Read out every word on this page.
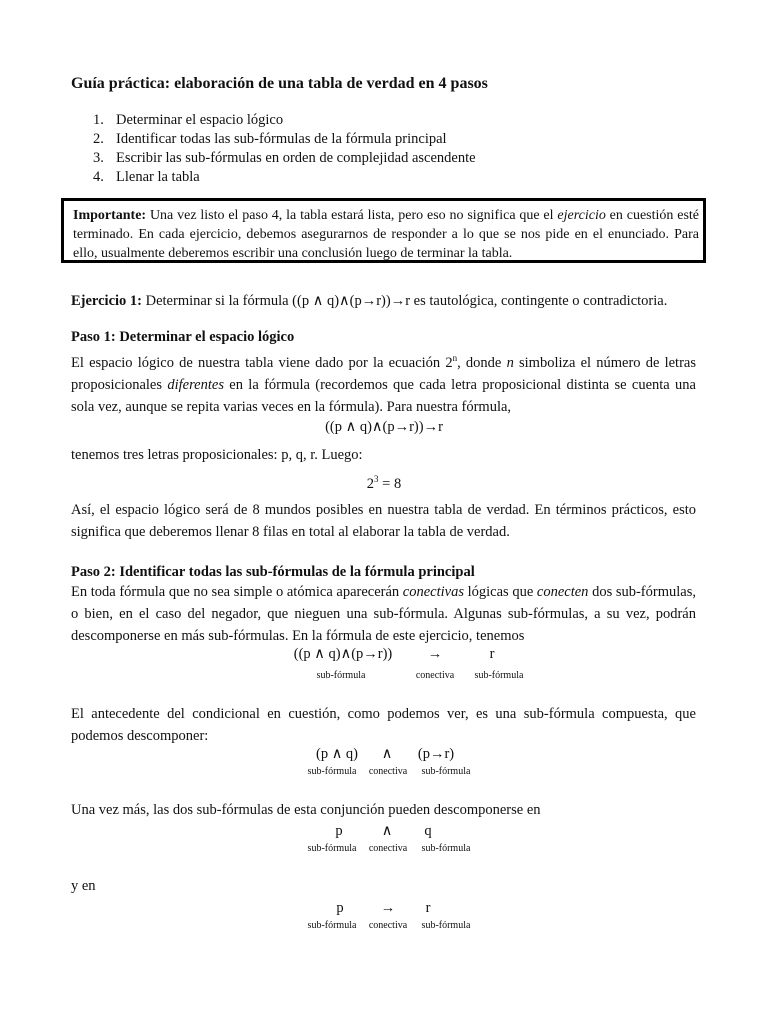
Guía práctica: elaboración de una tabla de verdad en 4 pasos
1. Determinar el espacio lógico
2. Identificar todas las sub-fórmulas de la fórmula principal
3. Escribir las sub-fórmulas en orden de complejidad ascendente
4. Llenar la tabla
Importante: Una vez listo el paso 4, la tabla estará lista, pero eso no significa que el ejercicio en cuestión esté terminado. En cada ejercicio, debemos asegurarnos de responder a lo que se nos pide en el enunciado. Para ello, usualmente deberemos escribir una conclusión luego de terminar la tabla.
Ejercicio 1: Determinar si la fórmula ((p ∧ q)∧(p→r))→r es tautológica, contingente o contradictoria.
Paso 1: Determinar el espacio lógico
El espacio lógico de nuestra tabla viene dado por la ecuación 2$^n$, donde n simboliza el número de letras proposicionales diferentes en la fórmula (recordemos que cada letra proposicional distinta se cuenta una sola vez, aunque se repita varias veces en la fórmula). Para nuestra fórmula,
((p ∧ q)∧(p→r))→r
tenemos tres letras proposicionales: p, q, r. Luego:
$2^3 = 8$
Así, el espacio lógico será de 8 mundos posibles en nuestra tabla de verdad. En términos prácticos, esto significa que deberemos llenar 8 filas en total al elaborar la tabla de verdad.
Paso 2: Identificar todas las sub-fórmulas de la fórmula principal
En toda fórmula que no sea simple o atómica aparecerán conectivas lógicas que conecten dos sub-fórmulas, o bien, en el caso del negador, que nieguen una sub-fórmula. Algunas sub-fórmulas, a su vez, podrán descomponerse en más sub-fórmulas. En la fórmula de este ejercicio, tenemos
((p ∧ q)∧(p→r))	→	r
sub-fórmula	conectiva	sub-fórmula
El antecedente del condicional en cuestión, como podemos ver, es una sub-fórmula compuesta, que podemos descomponer:
(p ∧ q)	∧	(p→r)
sub-fórmula	conectiva	sub-fórmula
Una vez más, las dos sub-fórmulas de esta conjunción pueden descomponerse en
p	∧	q
sub-fórmula	conectiva	sub-fórmula
y en
p	→	r
sub-fórmula	conectiva	sub-fórmula
